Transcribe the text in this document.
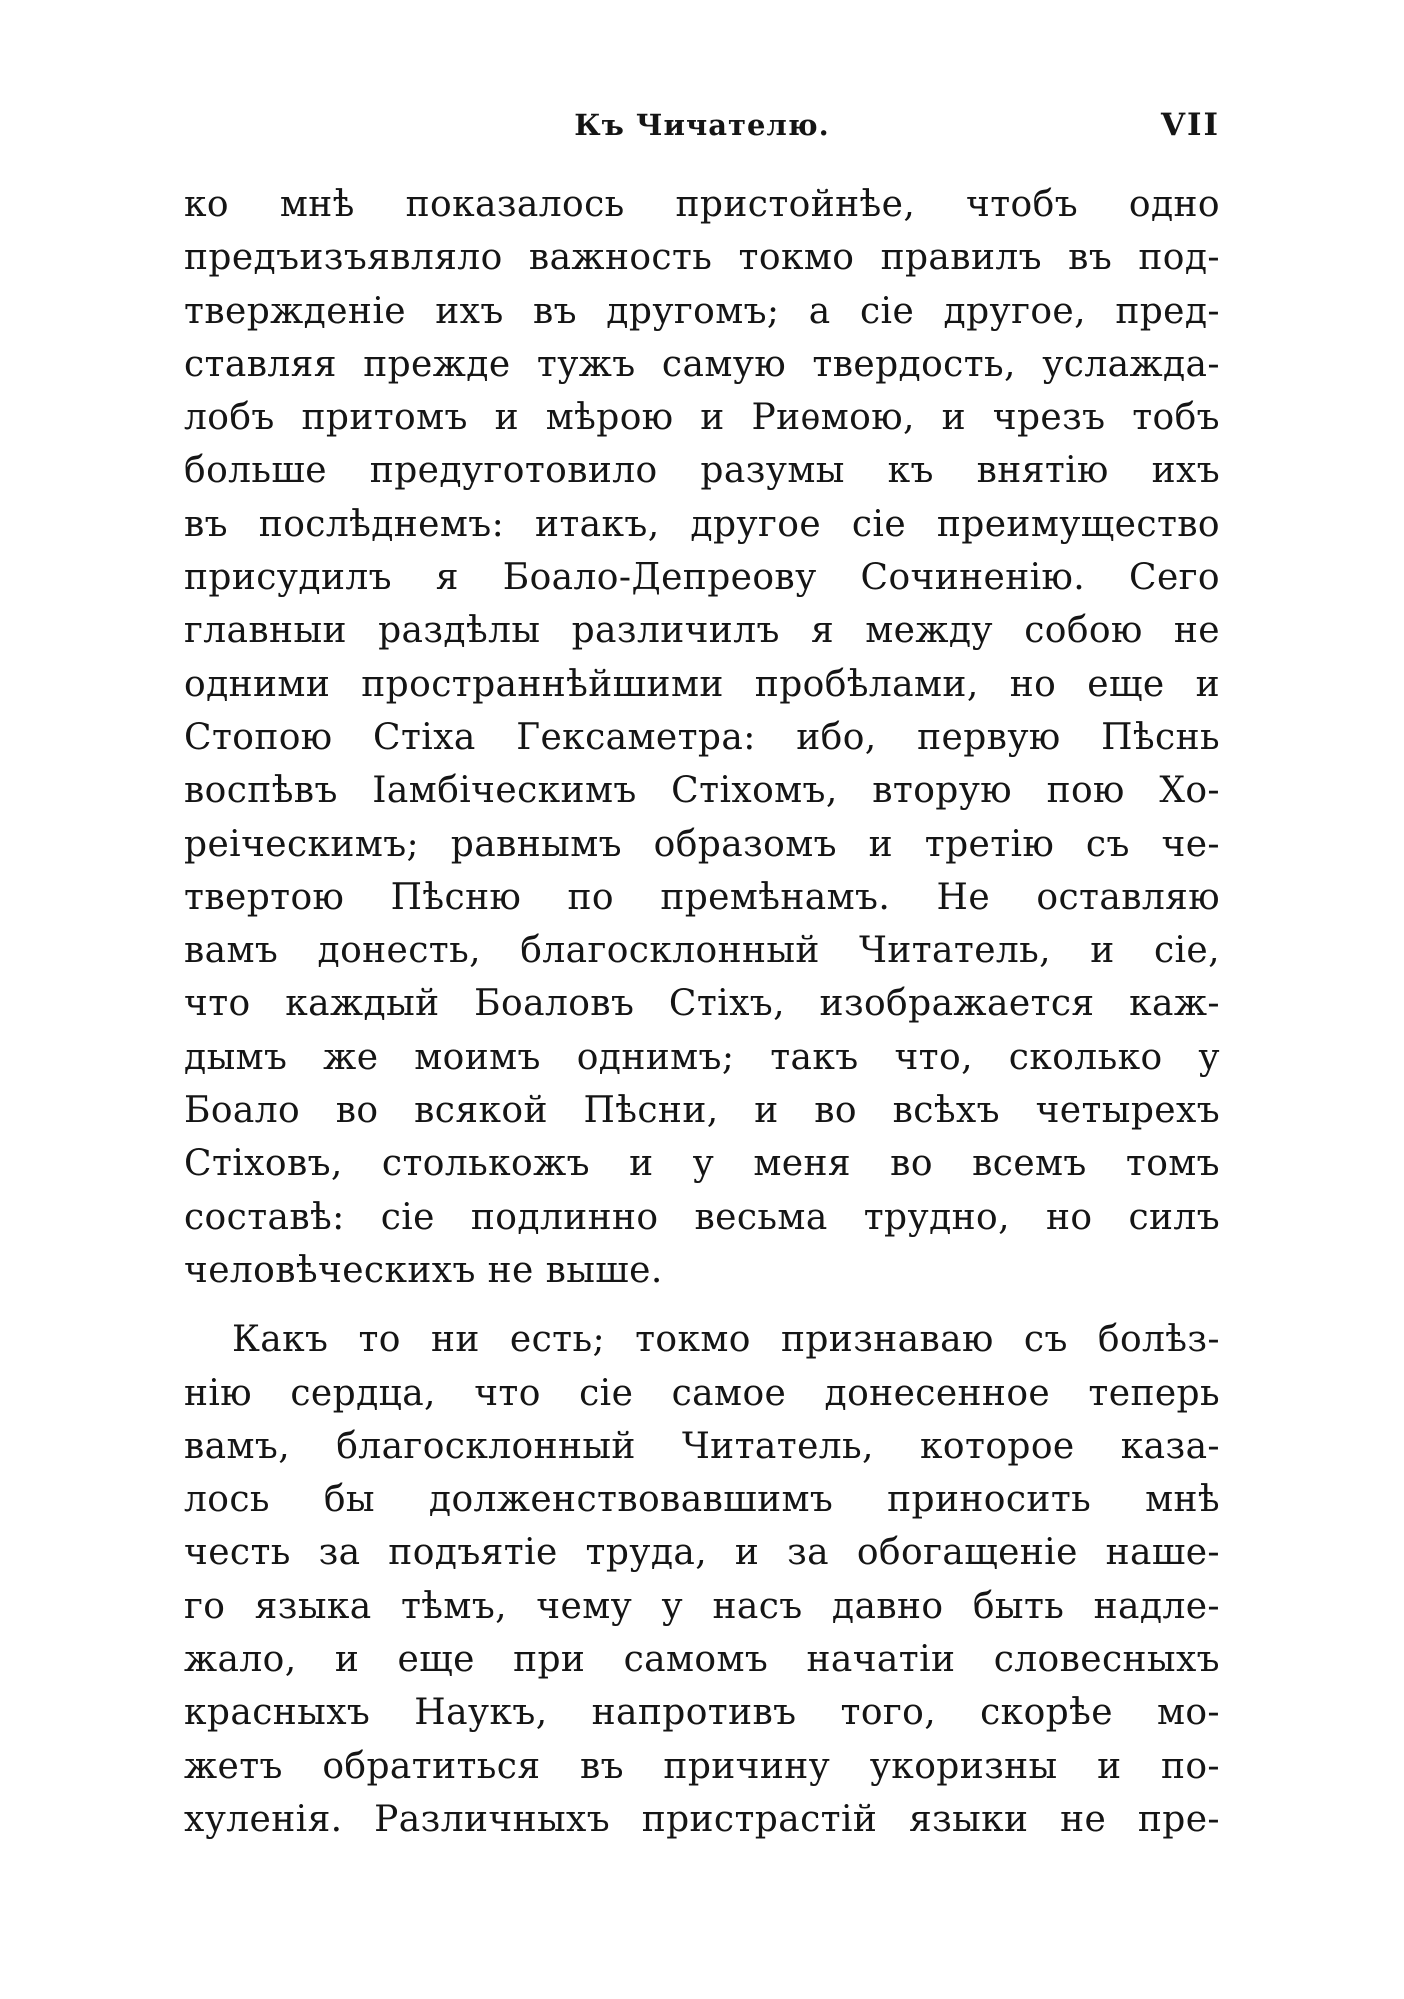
Къ Чичателю.	VII
ко мнѣ показалось пристойнѣе, чтобъ одно
предъизъявляло важность токмо правилъ въ под-
твержденіе ихъ въ другомъ; а сіе другое, пред-
ставляя прежде тужъ самую твердость, услажда-
лобъ притомъ и мѣрою и Риѳмою, и чрезъ тобъ
больше предуготовило разумы къ внятію ихъ
въ послѣднемъ: итакъ, другое сіе преимущество
присудилъ я Боало-Депреову Сочиненію. Сего
главныи раздѣлы различилъ я между собою не
одними пространнѣйшими пробѣлами, но еще и
Стопою Стіха Гексаметра: ибо, первую Пѣснь
воспѣвъ Іамбіческимъ Стіхомъ, вторую пою Хо-
реіческимъ; равнымъ образомъ и третію съ че-
твертою Пѣсню по премѣнамъ. Не оставляю
вамъ донесть, благосклонный Читатель, и сіе,
что каждый Боаловъ Стіхъ, изображается каж-
дымъ же моимъ однимъ; такъ что, сколько у
Боало во всякой Пѣсни, и во всѣхъ четырехъ
Стіховъ, столькожъ и у меня во всемъ томъ
составѣ: сіе подлинно весьма трудно, но силъ
человѣческихъ не выше.
Какъ то ни есть; токмо признаваю съ болѣз-
нію сердца, что сіе самое донесенное теперь
вамъ, благосклонный Читатель, которое каза-
лось бы долженствовавшимъ приносить мнѣ
честь за подъятіе труда, и за обогащеніе наше-
го языка тѣмъ, чему у насъ давно быть надле-
жало, и еще при самомъ начатіи словесныхъ
красныхъ Наукъ, напротивъ того, скорѣе мо-
жетъ обратиться въ причину укоризны и по-
хуленія. Различныхъ пристрастій языки не пре-
